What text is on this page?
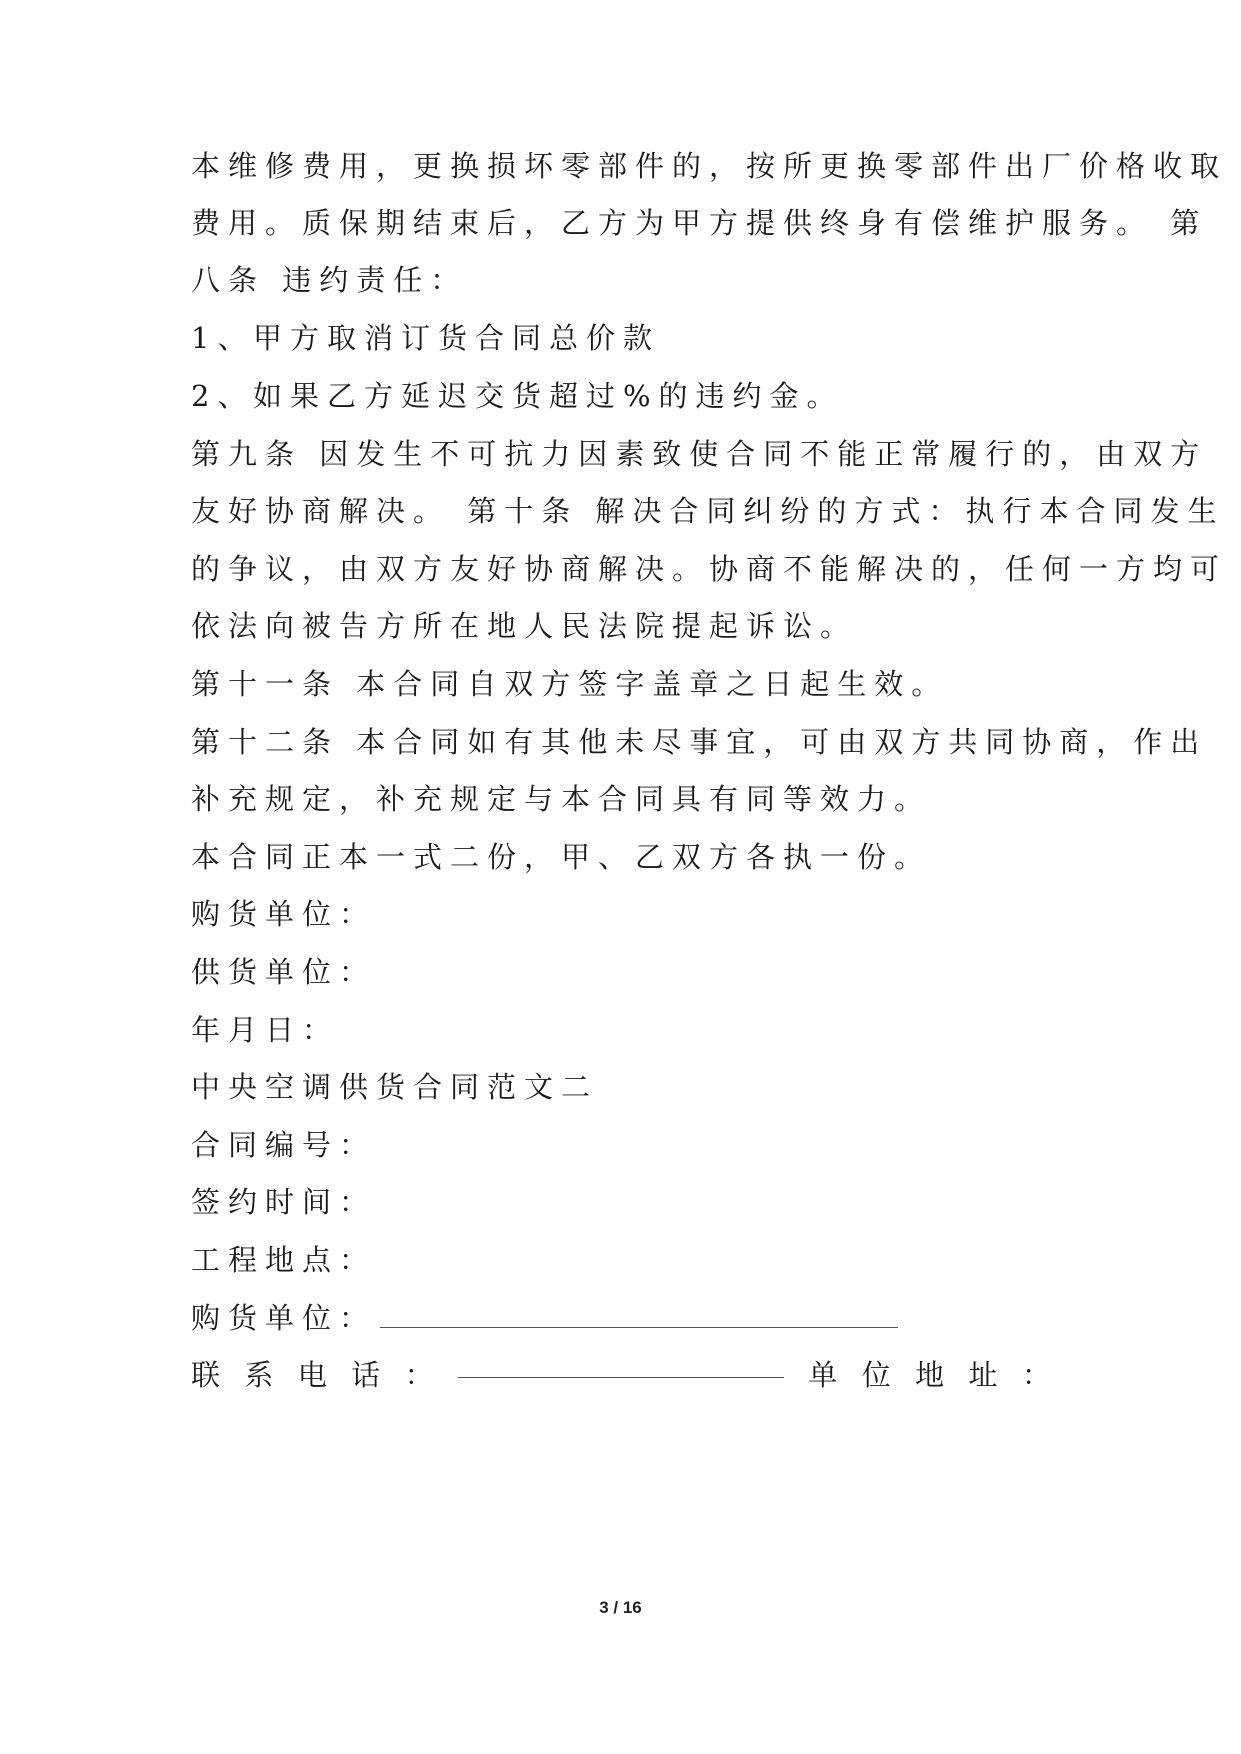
本维修费用，更换损坏零部件的，按所更换零部件出厂价格收取
费用。质保期结束后，乙方为甲方提供终身有偿维护服务。 第
八条 违约责任：
1、甲方取消订货合同总价款
2、如果乙方延迟交货超过%的违约金。
第九条 因发生不可抗力因素致使合同不能正常履行的，由双方
友好协商解决。 第十条 解决合同纠纷的方式：执行本合同发生
的争议，由双方友好协商解决。协商不能解决的，任何一方均可
依法向被告方所在地人民法院提起诉讼。
第十一条 本合同自双方签字盖章之日起生效。
第十二条 本合同如有其他未尽事宜，可由双方共同协商，作出
补充规定，补充规定与本合同具有同等效力。
本合同正本一式二份，甲、乙双方各执一份。
购货单位：
供货单位：
年月日：
中央空调供货合同范文二
合同编号：
签约时间：
工程地点：
购货单位：
联 系 电 话 ：	单 位 地 址 ：
3 / 16
